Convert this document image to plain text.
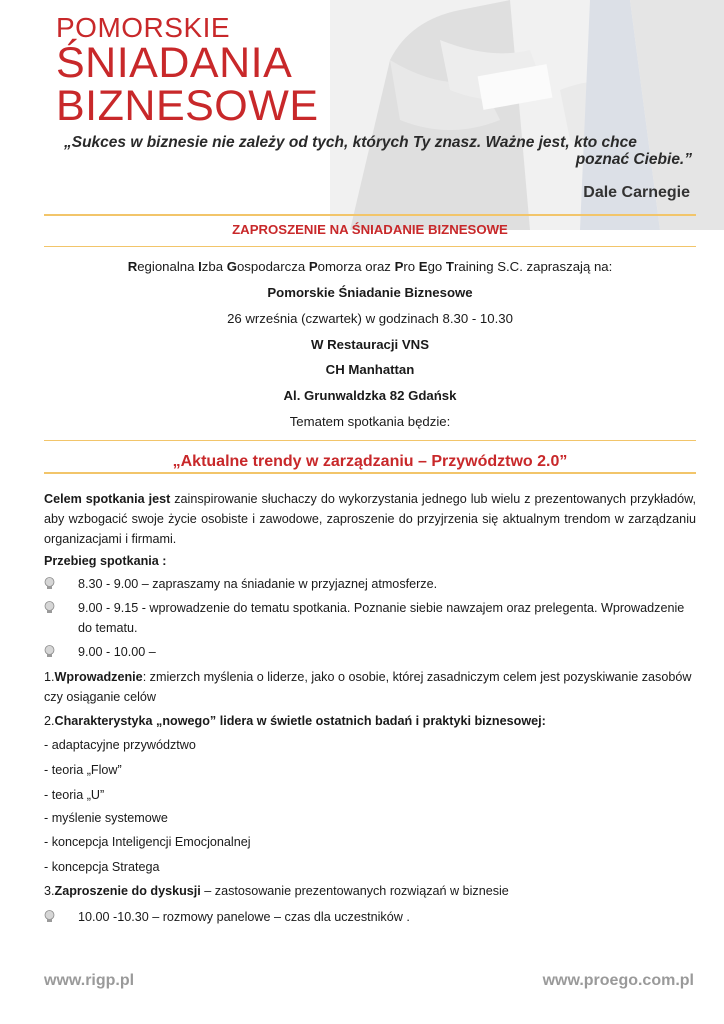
POMORSKIE
ŚNIADANIA
BIZNESOWE
„Sukces w biznesie nie zależy od tych, których Ty znasz. Ważne jest, kto chce
poznać Ciebie.”
Dale Carnegie
ZAPROSZENIE NA ŚNIADANIE BIZNESOWE
Regionalna Izba Gospodarcza Pomorza oraz Pro Ego Training S.C. zapraszają na:
Pomorskie Śniadanie Biznesowe
26 września (czwartek) w godzinach 8.30 - 10.30
W Restauracji VNS
CH Manhattan
Al. Grunwaldzka 82 Gdańsk
Tematem spotkania będzie:
„Aktualne trendy w zarządzaniu – Przywództwo 2.0”
Celem spotkania jest zainspirowanie słuchaczy do wykorzystania jednego lub wielu z prezentowanych przykładów, aby wzbogacić swoje życie osobiste i zawodowe, zaproszenie do przyjrzenia się aktualnym trendom w zarządzaniu organizacjami i firmami.
Przebieg spotkania :
8.30 - 9.00 – zapraszamy na śniadanie w przyjaznej atmosferze.
9.00 - 9.15 - wprowadzenie do tematu spotkania. Poznanie siebie nawzajem oraz prelegenta. Wprowadzenie do tematu.
9.00 - 10.00 –
1.Wprowadzenie: zmierzch myślenia o liderze, jako o osobie, której zasadniczym celem jest pozyskiwanie zasobów czy osiąganie celów
2.Charakterystyka „nowego” lidera w świetle ostatnich badań i praktyki biznesowej:
- adaptacyjne przywództwo
- teoria „Flow”
- teoria „U”
- myślenie systemowe
- koncepcja Inteligencji Emocjonalnej
- koncepcja Stratega
3.Zaproszenie do dyskusji – zastosowanie prezentowanych rozwiązań w biznesie
10.00 -10.30 – rozmowy panelowe – czas dla uczestników .
www.rigp.pl	www.proego.com.pl
